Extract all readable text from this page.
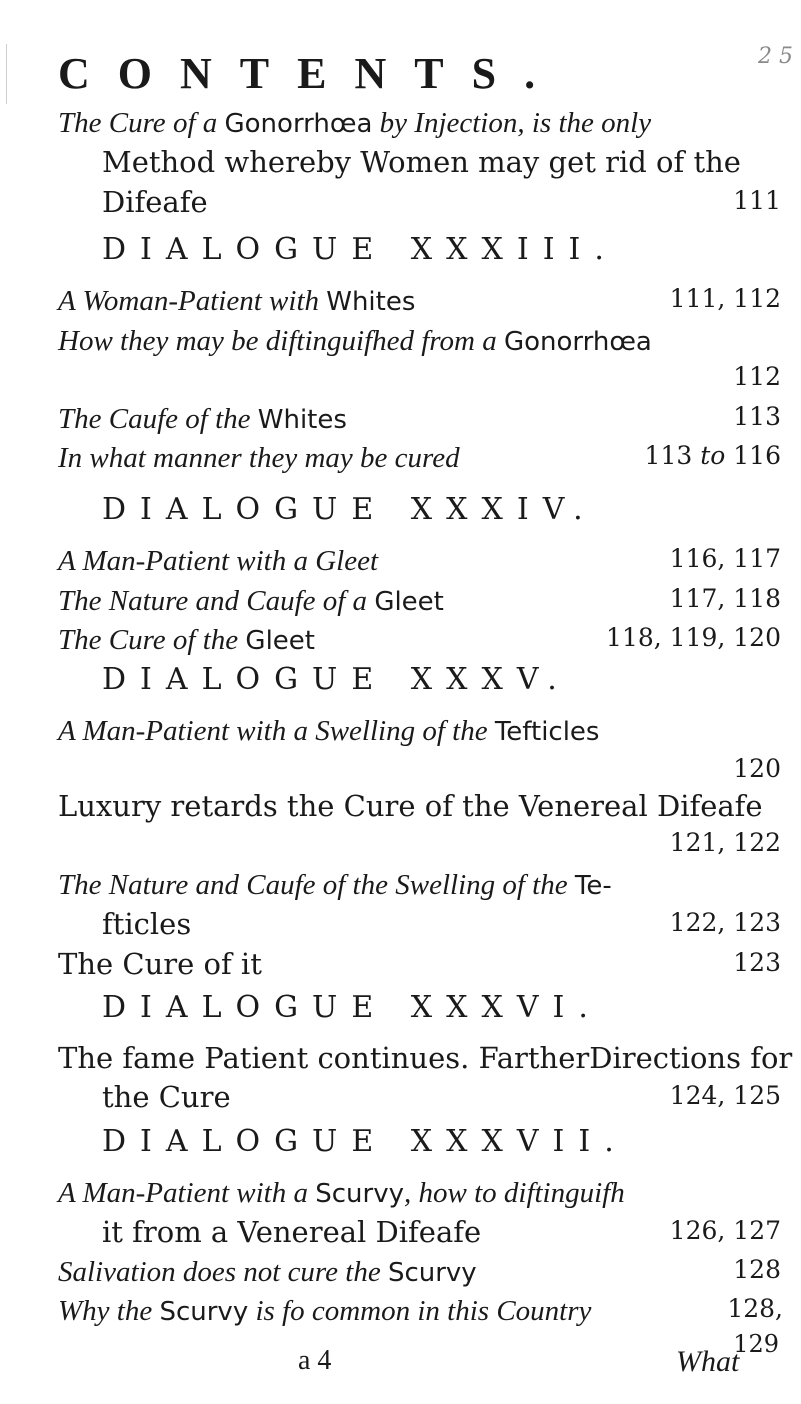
2 5
CONTENTS.
The Cure of a Gonorrhœa by Injection, is the only
Method whereby Women may get rid of the
Difeafe	111
DIALOGUE XXXIII.
A Woman-Patient with Whites	111, 112
How they may be diftinguifhed from a Gonorrhœa
112
The Caufe of the Whites	113
In what manner they may be cured	113 to 116
DIALOGUE XXXIV.
A Man-Patient with a Gleet	116, 117
The Nature and Caufe of a Gleet	117, 118
The Cure of the Gleet	118, 119, 120
DIALOGUE XXXV.
A Man-Patient with a Swelling of the Tefticles
120
Luxury retards the Cure of the Venereal Difeafe
121, 122
The Nature and Caufe of the Swelling of the Te-
fticles	122, 123
The Cure of it	123
DIALOGUE XXXVI.
The fame Patient continues. FartherDirections for
the Cure	124, 125
DIALOGUE XXXVII.
A Man-Patient with a Scurvy, how to diftinguifh
it from a Venereal Difeafe	126, 127
Salivation does not cure the Scurvy	128
Why the Scurvy is fo common in this Country	128,
129
a 4	What
